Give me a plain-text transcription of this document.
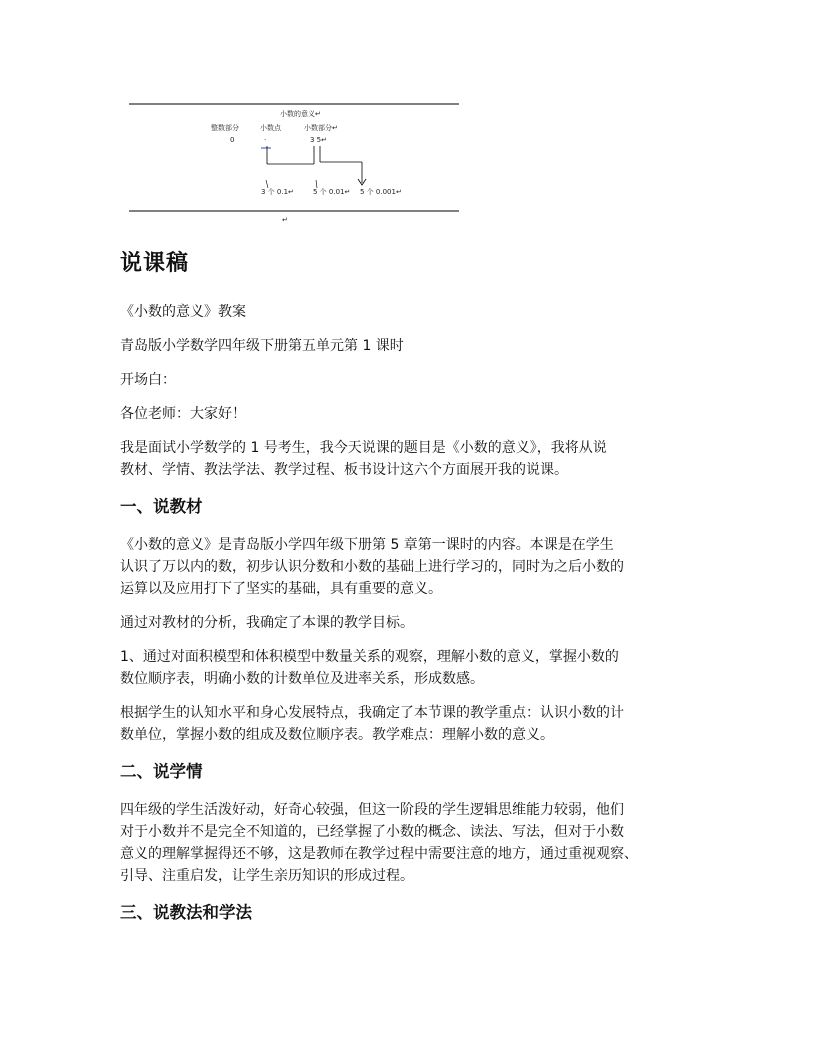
小数的意义↵
整数部分	小数点	小数部分↵
0	·	3 5↵
3 个 0.1↵	5 个 0.01↵ 5 个 0.001↵
↵
说课稿

《小数的意义》教案

青岛版小学数学四年级下册第五单元第 1 课时

开场白：

各位老师：大家好！

我是面试小学数学的 1 号考生，我今天说课的题目是《小数的意义》，我将从说
教材、学情、教法学法、教学过程、板书设计这六个方面展开我的说课。

一、说教材

《小数的意义》是青岛版小学四年级下册第 5 章第一课时的内容。本课是在学生
认识了万以内的数，初步认识分数和小数的基础上进行学习的，同时为之后小数的
运算以及应用打下了坚实的基础，具有重要的意义。

通过对教材的分析，我确定了本课的教学目标。

1、通过对面积模型和体积模型中数量关系的观察，理解小数的意义，掌握小数的
数位顺序表，明确小数的计数单位及进率关系，形成数感。

根据学生的认知水平和身心发展特点，我确定了本节课的教学重点：认识小数的计
数单位，掌握小数的组成及数位顺序表。教学难点：理解小数的意义。

二、说学情

四年级的学生活泼好动，好奇心较强，但这一阶段的学生逻辑思维能力较弱，他们
对于小数并不是完全不知道的，已经掌握了小数的概念、读法、写法，但对于小数
意义的理解掌握得还不够，这是教师在教学过程中需要注意的地方，通过重视观察、
引导、注重启发，让学生亲历知识的形成过程。

三、说教法和学法
